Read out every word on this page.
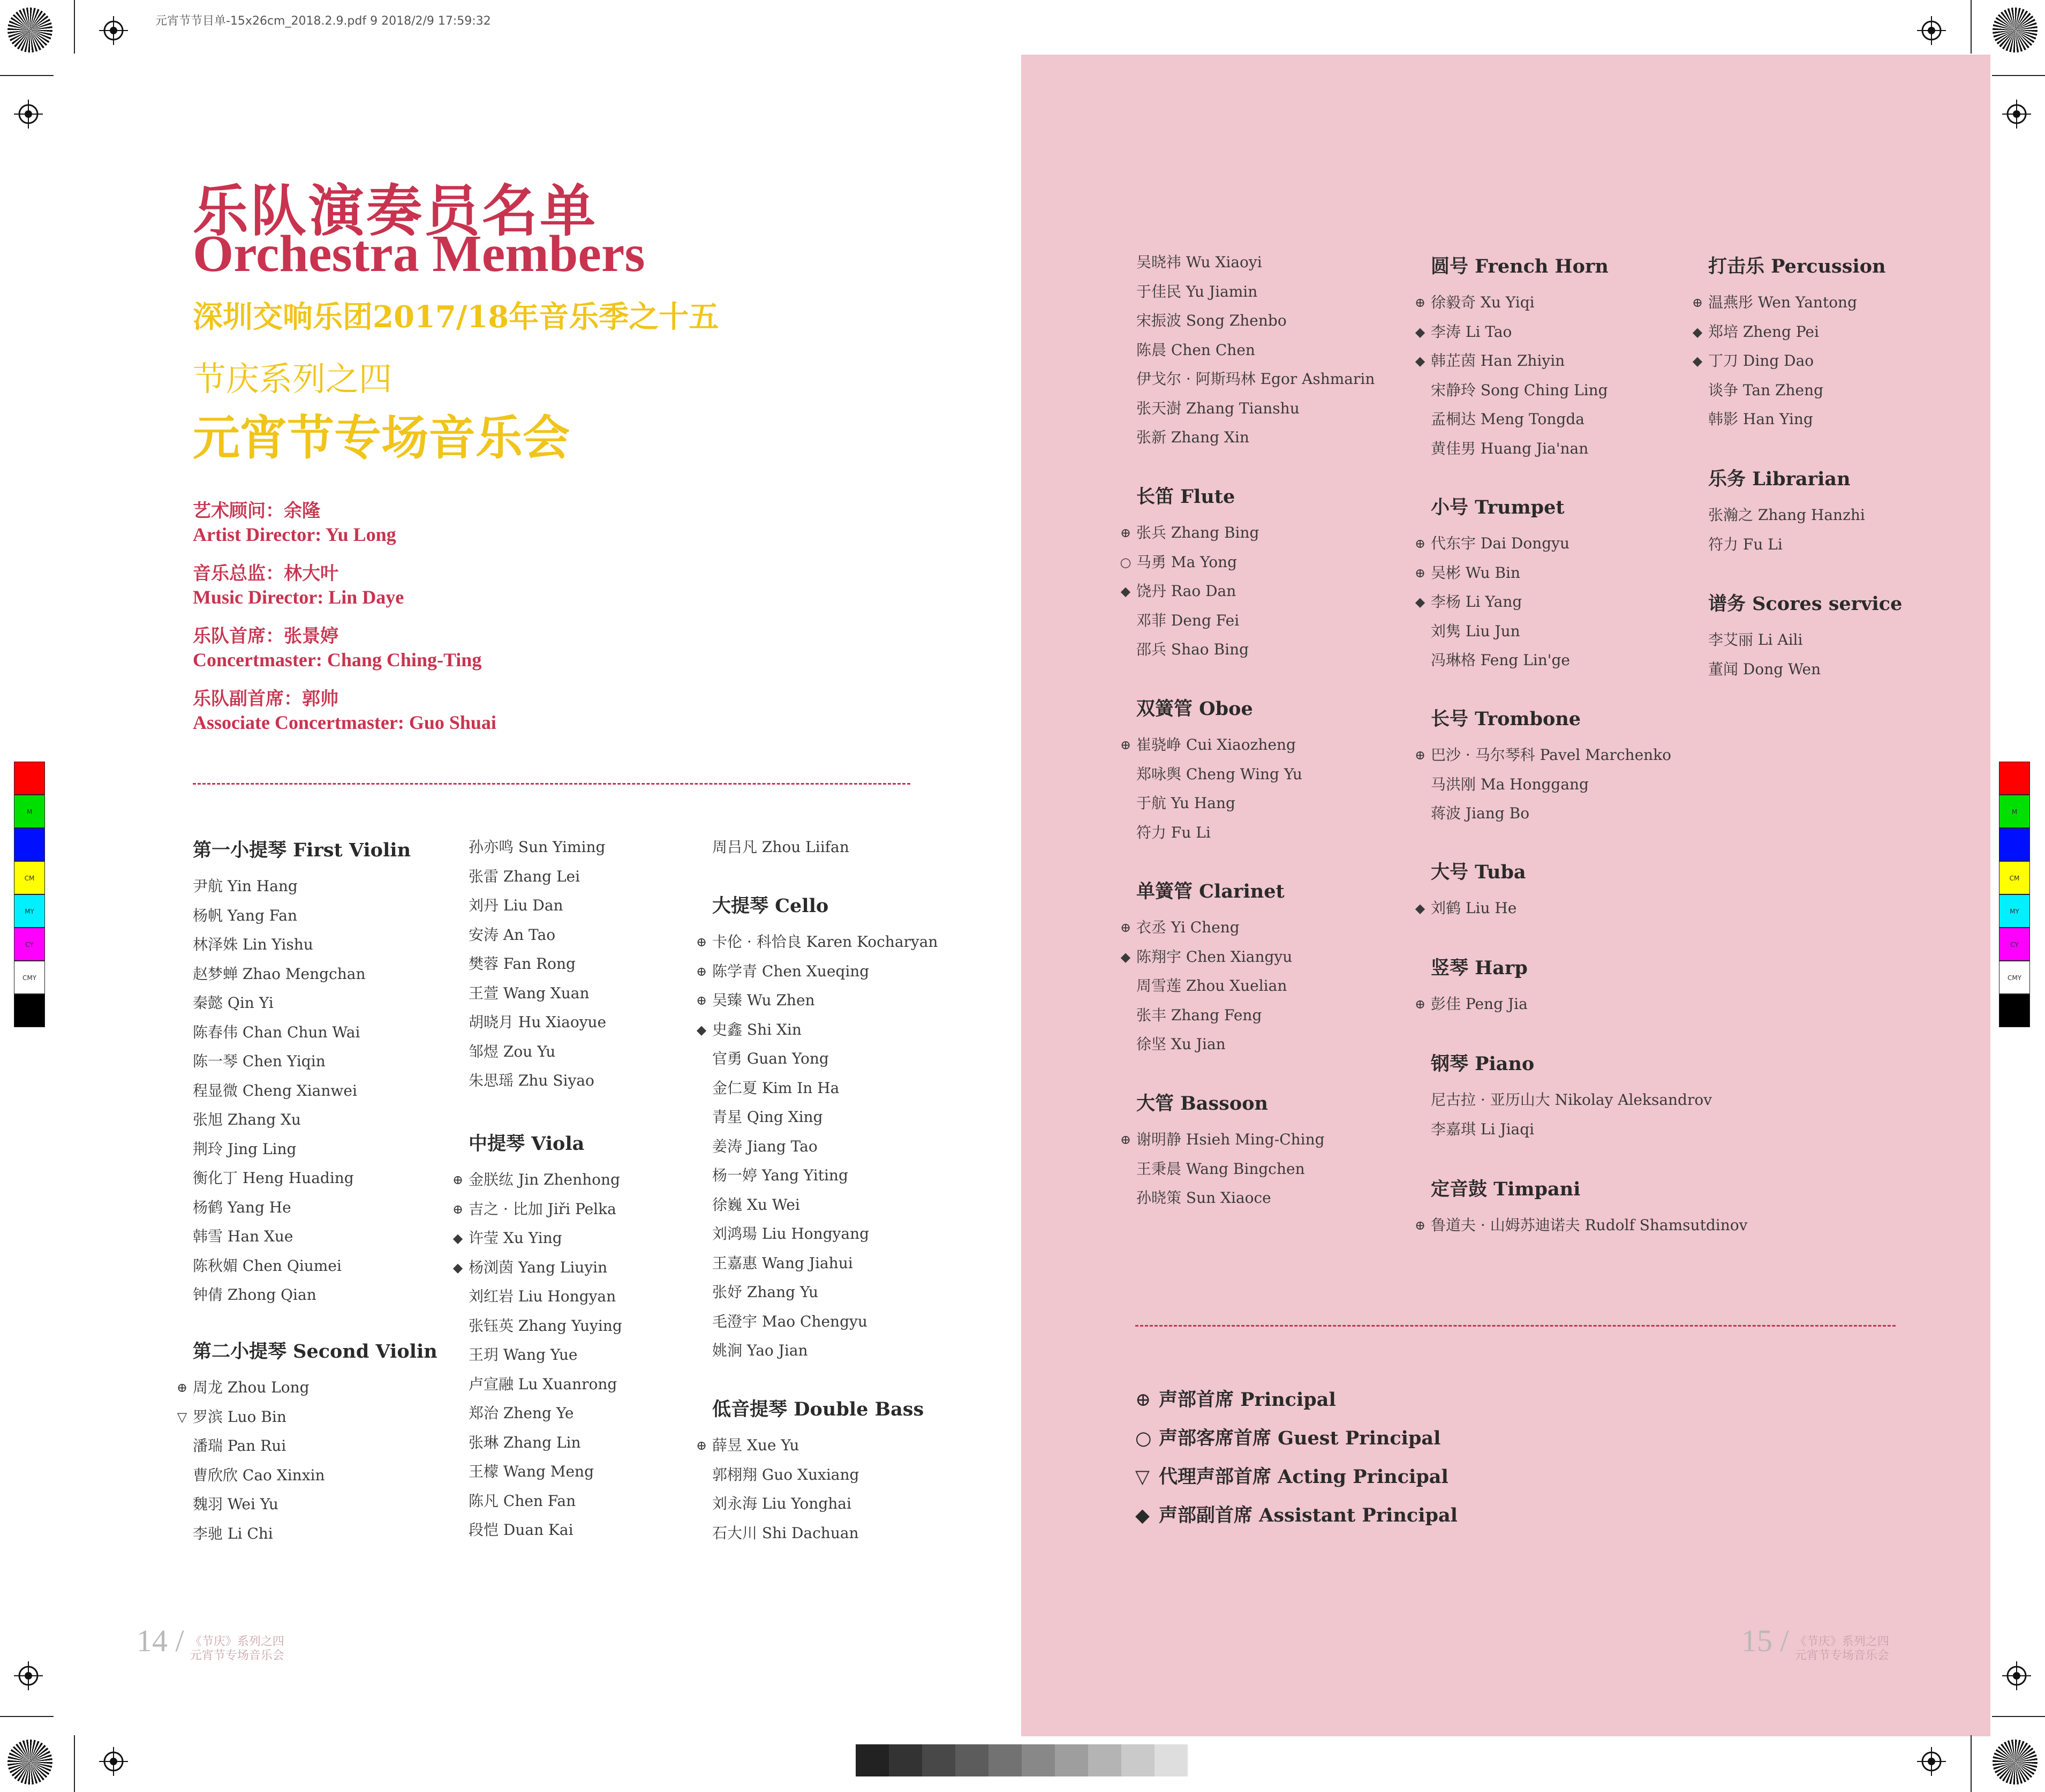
元宵节节目单-15x26cm_2018.2.9.pdf 9 2018/2/9 17:59:32
M
CM
MY
CY
CMY
M
CM
MY
CY
CMY
乐队演奏员名单
Orchestra Members
深圳交响乐团2017/18年音乐季之十五
节庆系列之四
元宵节专场音乐会
艺术顾问：余隆
Artist Director: Yu Long
音乐总监：林大叶
Music Director: Lin Daye
乐队首席：张景婷
Concertmaster: Chang Ching-Ting
乐队副首席：郭帅
Associate Concertmaster: Guo Shuai
第一小提琴 First Violin
尹航 Yin Hang
杨帆 Yang Fan
林泽姝 Lin Yishu
赵梦蝉 Zhao Mengchan
秦懿 Qin Yi
陈春伟 Chan Chun Wai
陈一琴 Chen Yiqin
程显微 Cheng Xianwei
张旭 Zhang Xu
荆玲 Jing Ling
衡化丁 Heng Huading
杨鹤 Yang He
韩雪 Han Xue
陈秋媚 Chen Qiumei
钟倩 Zhong Qian
第二小提琴 Second Violin
⊕ 周龙 Zhou Long
▽ 罗滨 Luo Bin
潘瑞 Pan Rui
曹欣欣 Cao Xinxin
魏羽 Wei Yu
李驰 Li Chi
孙亦鸣 Sun Yiming
张雷 Zhang Lei
刘丹 Liu Dan
安涛 An Tao
樊蓉 Fan Rong
王萱 Wang Xuan
胡晓月 Hu Xiaoyue
邹煜 Zou Yu
朱思瑶 Zhu Siyao
中提琴 Viola
⊕ 金朕纮 Jin Zhenhong
⊕ 吉之 · 比加 Jiři Pelka
◆ 许莹 Xu Ying
◆ 杨浏茵 Yang Liuyin
刘红岩 Liu Hongyan
张钰英 Zhang Yuying
王玥 Wang Yue
卢宣融 Lu Xuanrong
郑治 Zheng Ye
张琳 Zhang Lin
王檬 Wang Meng
陈凡 Chen Fan
段恺 Duan Kai
周吕凡 Zhou Liifan
大提琴 Cello
⊕ 卡伦 · 科恰良 Karen Kocharyan
⊕ 陈学青 Chen Xueqing
⊕ 吴臻 Wu Zhen
◆ 史鑫 Shi Xin
官勇 Guan Yong
金仁夏 Kim In Ha
青星 Qing Xing
姜涛 Jiang Tao
杨一婷 Yang Yiting
徐巍 Xu Wei
刘鸿瑒 Liu Hongyang
王嘉惠 Wang Jiahui
张妤 Zhang Yu
毛澄宇 Mao Chengyu
姚涧 Yao Jian
低音提琴 Double Bass
⊕ 薛昱 Xue Yu
郭栩翔 Guo Xuxiang
刘永海 Liu Yonghai
石大川 Shi Dachuan
吴晓祎 Wu Xiaoyi
于佳民 Yu Jiamin
宋振波 Song Zhenbo
陈晨 Chen Chen
伊戈尔 · 阿斯玛林 Egor Ashmarin
张天澍 Zhang Tianshu
张新 Zhang Xin
长笛 Flute
⊕ 张兵 Zhang Bing
○ 马勇 Ma Yong
◆ 饶丹 Rao Dan
邓菲 Deng Fei
邵兵 Shao Bing
双簧管 Oboe
⊕ 崔骁峥 Cui Xiaozheng
郑咏舆 Cheng Wing Yu
于航 Yu Hang
符力 Fu Li
单簧管 Clarinet
⊕ 衣丞 Yi Cheng
◆ 陈翔宇 Chen Xiangyu
周雪莲 Zhou Xuelian
张丰 Zhang Feng
徐坚 Xu Jian
大管 Bassoon
⊕ 谢明静 Hsieh Ming-Ching
王秉晨 Wang Bingchen
孙晓策 Sun Xiaoce
圆号 French Horn
⊕ 徐毅奇 Xu Yiqi
◆ 李涛 Li Tao
◆ 韩芷茵 Han Zhiyin
宋静玲 Song Ching Ling
孟桐达 Meng Tongda
黄佳男 Huang Jia'nan
小号 Trumpet
⊕ 代东宇 Dai Dongyu
⊕ 吴彬 Wu Bin
◆ 李杨 Li Yang
刘隽 Liu Jun
冯琳格 Feng Lin'ge
长号 Trombone
⊕ 巴沙 · 马尔琴科 Pavel Marchenko
马洪刚 Ma Honggang
蒋波 Jiang Bo
大号 Tuba
◆ 刘鹤 Liu He
竖琴 Harp
⊕ 彭佳 Peng Jia
钢琴 Piano
尼古拉 · 亚历山大 Nikolay Aleksandrov
李嘉琪 Li Jiaqi
定音鼓 Timpani
⊕ 鲁道夫 · 山姆苏迪诺夫 Rudolf Shamsutdinov
打击乐 Percussion
⊕ 温燕彤 Wen Yantong
◆ 郑培 Zheng Pei
◆ 丁刀 Ding Dao
谈争 Tan Zheng
韩影 Han Ying
乐务 Librarian
张瀚之 Zhang Hanzhi
符力 Fu Li
谱务 Scores service
李艾丽 Li Aili
董闻 Dong Wen
⊕ 声部首席 Principal
○ 声部客席首席 Guest Principal
▽ 代理声部首席 Acting Principal
◆ 声部副首席 Assistant Principal
14 / 《节庆》系列之四
元宵节专场音乐会	15 / 《节庆》系列之四
元宵节专场音乐会
